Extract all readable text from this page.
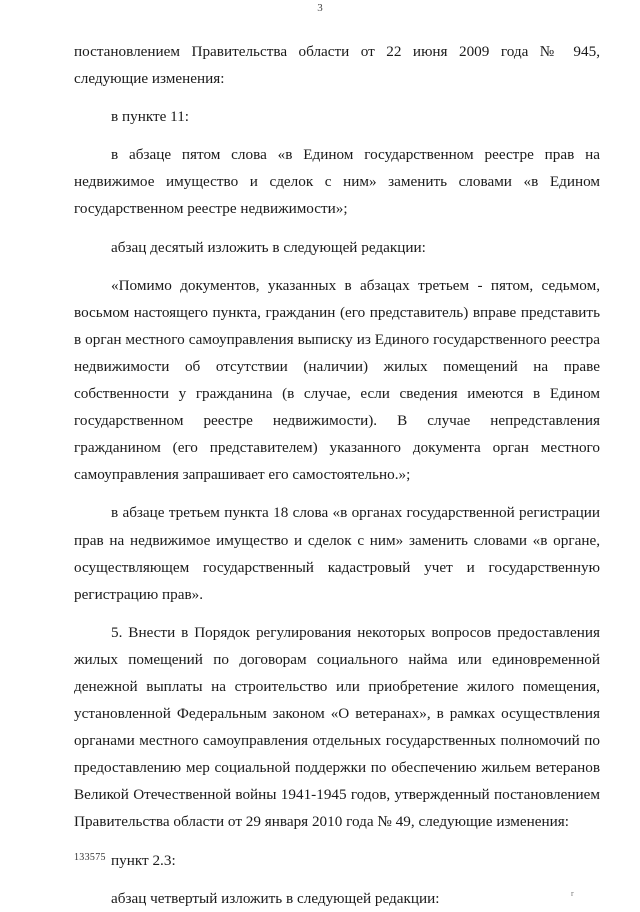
3

постановлением Правительства области от 22 июня 2009 года № 945, следующие изменения:

в пункте 11:

в абзаце пятом слова «в Едином государственном реестре прав на недвижимое имущество и сделок с ним» заменить словами «в Едином государственном реестре недвижимости»;

абзац десятый изложить в следующей редакции:

«Помимо документов, указанных в абзацах третьем - пятом, седьмом, восьмом настоящего пункта, гражданин (его представитель) вправе представить в орган местного самоуправления выписку из Единого государственного реестра недвижимости об отсутствии (наличии) жилых помещений на праве собственности у гражданина (в случае, если сведения имеются в Едином государственном реестре недвижимости). В случае непредставления гражданином (его представителем) указанного документа орган местного самоуправления запрашивает его самостоятельно.»;

в абзаце третьем пункта 18 слова «в органах государственной регистрации прав на недвижимое имущество и сделок с ним» заменить словами «в органе, осуществляющем государственный кадастровый учет и государственную регистрацию прав».

5. Внести в Порядок регулирования некоторых вопросов предоставления жилых помещений по договорам социального найма или единовременной денежной выплаты на строительство или приобретение жилого помещения, установленной Федеральным законом «О ветеранах», в рамках осуществления органами местного самоуправления отдельных государственных полномочий по предоставлению мер социальной поддержки по обеспечению жильем ветеранов Великой Отечественной войны 1941-1945 годов, утвержденный постановлением Правительства области от 29 января 2010 года № 49, следующие изменения:

пункт 2.3:

абзац четвертый изложить в следующей редакции:

133575
r
